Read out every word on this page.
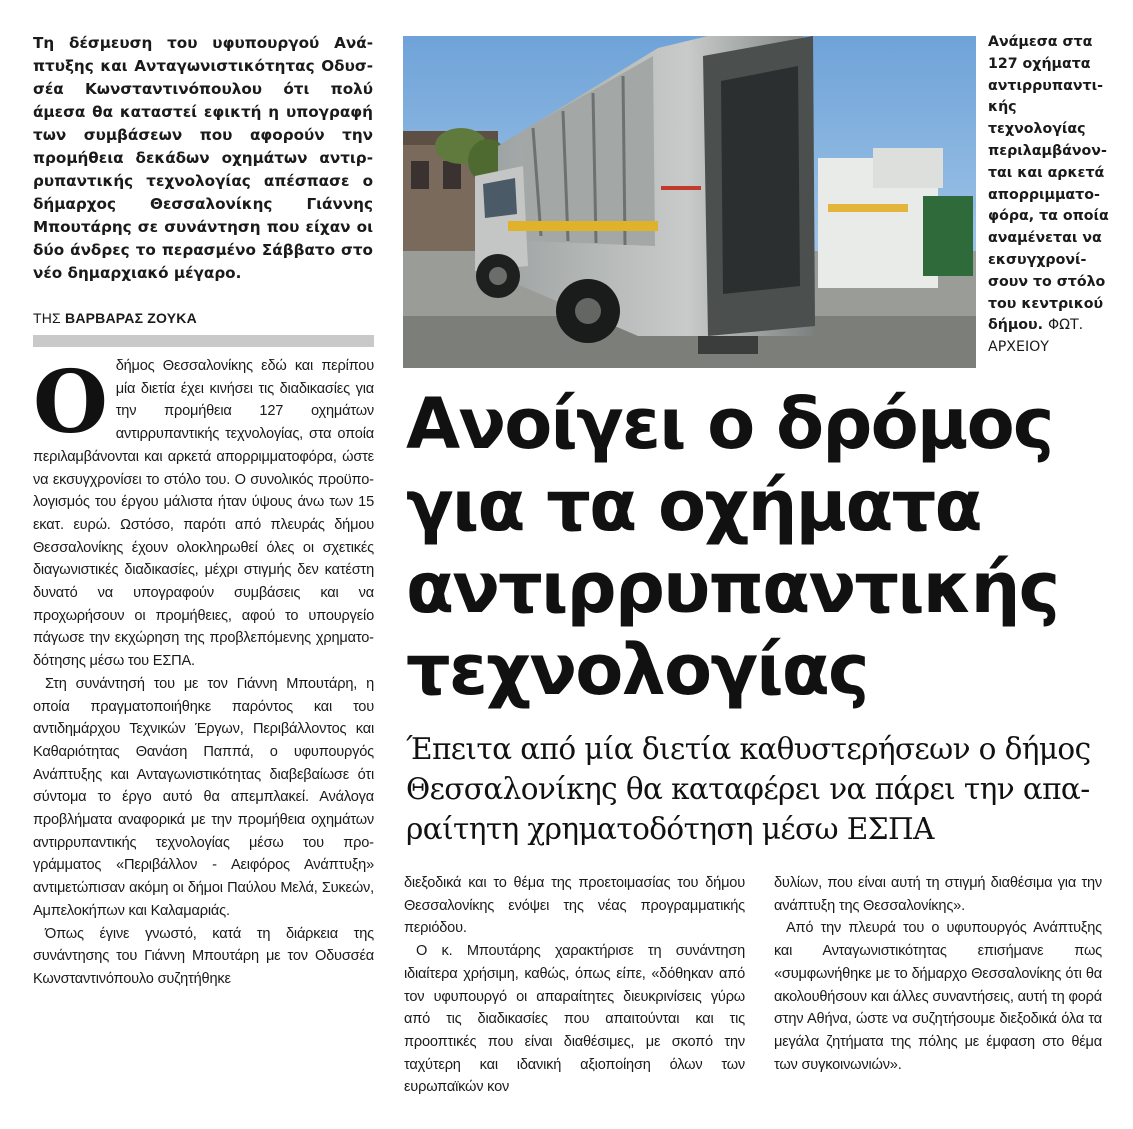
Τη δέσμευση του υφυπουργού Ανάπτυξης και Ανταγωνιστικότητας Οδυσσέα Κωνσταντινόπουλου ότι πολύ άμεσα θα καταστεί εφικτή η υπογραφή των συμβάσεων που αφορούν την προμήθεια δεκάδων οχημάτων αντιρρυπαντικής τεχνολογίας απέσπασε ο δήμαρχος Θεσσαλονίκης Γιάννης Μπουτάρης σε συνάντηση που είχαν οι δύο άνδρες το περασμένο Σάββατο στο νέο δημαρχιακό μέγαρο.

ΤΗΣ ΒΑΡΒΑΡΑΣ ΖΟΥΚΑ

Οδήμος Θεσσαλονίκης εδώ και περίπου μία διετία έχει κινήσει τις διαδικασίες για την προμήθεια 127 οχημάτων αντιρρυπαντικής τεχνολογίας, στα οποία περιλαμβάνονται και αρκετά απορριμματοφόρα, ώστε να εκσυγχρονίσει το στόλο του. Ο συνολικός προϋπολογισμός του έργου μάλιστα ήταν ύψους άνω των 15 εκατ. ευρώ. Ωστόσο, παρότι από πλευράς δήμου Θεσσαλονίκης έχουν ολοκληρωθεί όλες οι σχετικές διαγωνιστικές διαδικασίες, μέχρι στιγμής δεν κατέστη δυνατό να υπογραφούν συμβάσεις και να προχωρήσουν οι προμήθειες, αφού το υπουργείο πάγωσε την εκχώρηση της προβλεπόμενης χρηματοδότησης μέσω του ΕΣΠΑ.

Στη συνάντησή του με τον Γιάννη Μπουτάρη, η οποία πραγματοποιήθηκε παρόντος και του αντιδημάρχου Τεχνικών Έργων, Περιβάλλοντος και Καθαριότητας Θανάση Παππά, ο υφυπουργός Ανάπτυξης και Ανταγωνιστικότητας διαβεβαίωσε ότι σύντομα το έργο αυτό θα απεμπλακεί. Ανάλογα προβλήματα αναφορικά με την προμήθεια οχημάτων αντιρρυπαντικής τεχνολογίας μέσω του προγράμματος «Περιβάλλον - Αειφόρος Ανάπτυξη» αντιμετώπισαν ακόμη οι δήμοι Παύλου Μελά, Συκεών, Αμπελοκήπων και Καλαμαριάς.

Όπως έγινε γνωστό, κατά τη διάρκεια της συνάντησης του Γιάννη Μπουτάρη με τον Οδυσσέα Κωνσταντινόπουλο συζητήθηκε

Ανάμεσα στα 127 οχήματα αντιρρυπαντικής τεχνολογίας περιλαμβάνονται και αρκετά απορριμματοφόρα, τα οποία αναμένεται να εκσυγχρονίσουν το στόλο του κεντρικού δήμου. ΦΩΤ. ΑΡΧΕΙΟΥ

Ανοίγει ο δρόμος για τα οχήματα αντιρρυπαντικής τεχνολογίας
Έπειτα από μία διετία καθυστερήσεων ο δήμος Θεσσαλονίκης θα καταφέρει να πάρει την απαραίτητη χρηματοδότηση μέσω ΕΣΠΑ

διεξοδικά και το θέμα της προετοιμασίας του δήμου Θεσσαλονίκης ενόψει της νέας προγραμματικής περιόδου.

Ο κ. Μπουτάρης χαρακτήρισε τη συνάντηση ιδιαίτερα χρήσιμη, καθώς, όπως είπε, «δόθηκαν από τον υφυπουργό οι απαραίτητες διευκρινίσεις γύρω από τις διαδικασίες που απαιτούνται και τις προοπτικές που είναι διαθέσιμες, με σκοπό την ταχύτερη και ιδανική αξιοποίηση όλων των ευρωπαϊκών κον

δυλίων, που είναι αυτή τη στιγμή διαθέσιμα για την ανάπτυξη της Θεσσαλονίκης».

Από την πλευρά του ο υφυπουργός Ανάπτυξης και Ανταγωνιστικότητας επισήμανε πως «συμφωνήθηκε με το δήμαρχο Θεσσαλονίκης ότι θα ακολουθήσουν και άλλες συναντήσεις, αυτή τη φορά στην Αθήνα, ώστε να συζητήσουμε διεξοδικά όλα τα μεγάλα ζητήματα της πόλης με έμφαση στο θέμα των συγκοινωνιών».
